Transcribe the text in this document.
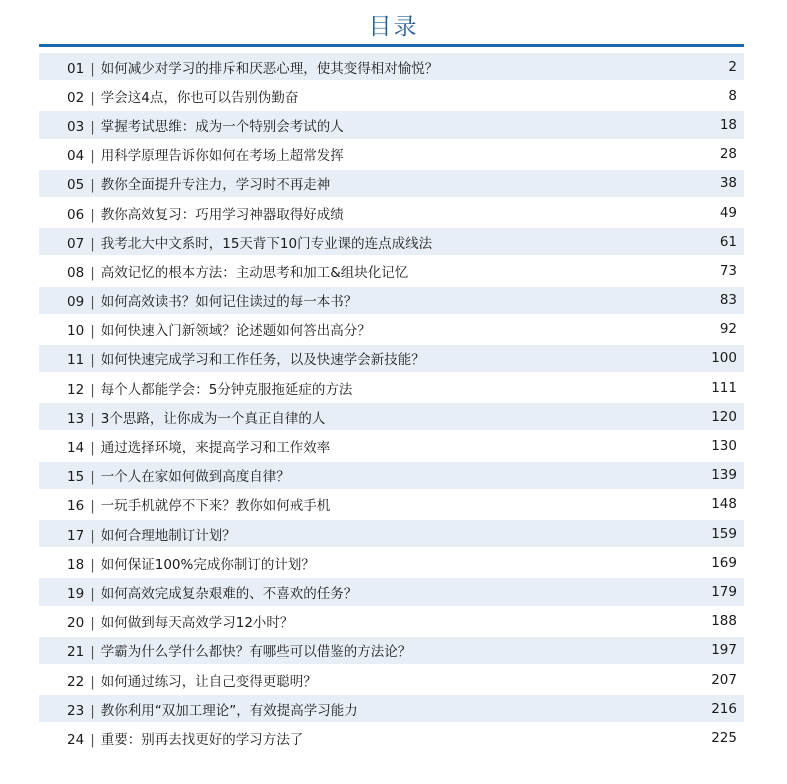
目录
01 | 如何减少对学习的排斥和厌恶心理，使其变得相对愉悦？	2
02 | 学会这4点，你也可以告别伪勤奋	8
03 | 掌握考试思维：成为一个特别会考试的人	18
04 | 用科学原理告诉你如何在考场上超常发挥	28
05 | 教你全面提升专注力，学习时不再走神	38
06 | 教你高效复习：巧用学习神器取得好成绩	49
07 | 我考北大中文系时，15天背下10门专业课的连点成线法	61
08 | 高效记忆的根本方法：主动思考和加工&组块化记忆	73
09 | 如何高效读书？如何记住读过的每一本书？	83
10 | 如何快速入门新领域？论述题如何答出高分？	92
11 | 如何快速完成学习和工作任务，以及快速学会新技能？	100
12 | 每个人都能学会：5分钟克服拖延症的方法	111
13 | 3个思路，让你成为一个真正自律的人	120
14 | 通过选择环境，来提高学习和工作效率	130
15 | 一个人在家如何做到高度自律？	139
16 | 一玩手机就停不下来？教你如何戒手机	148
17 | 如何合理地制订计划？	159
18 | 如何保证100%完成你制订的计划？	169
19 | 如何高效完成复杂艰难的、不喜欢的任务？	179
20 | 如何做到每天高效学习12小时？	188
21 | 学霸为什么学什么都快？有哪些可以借鉴的方法论？	197
22 | 如何通过练习，让自己变得更聪明？	207
23 | 教你利用“双加工理论”，有效提高学习能力	216
24 | 重要：别再去找更好的学习方法了	225
